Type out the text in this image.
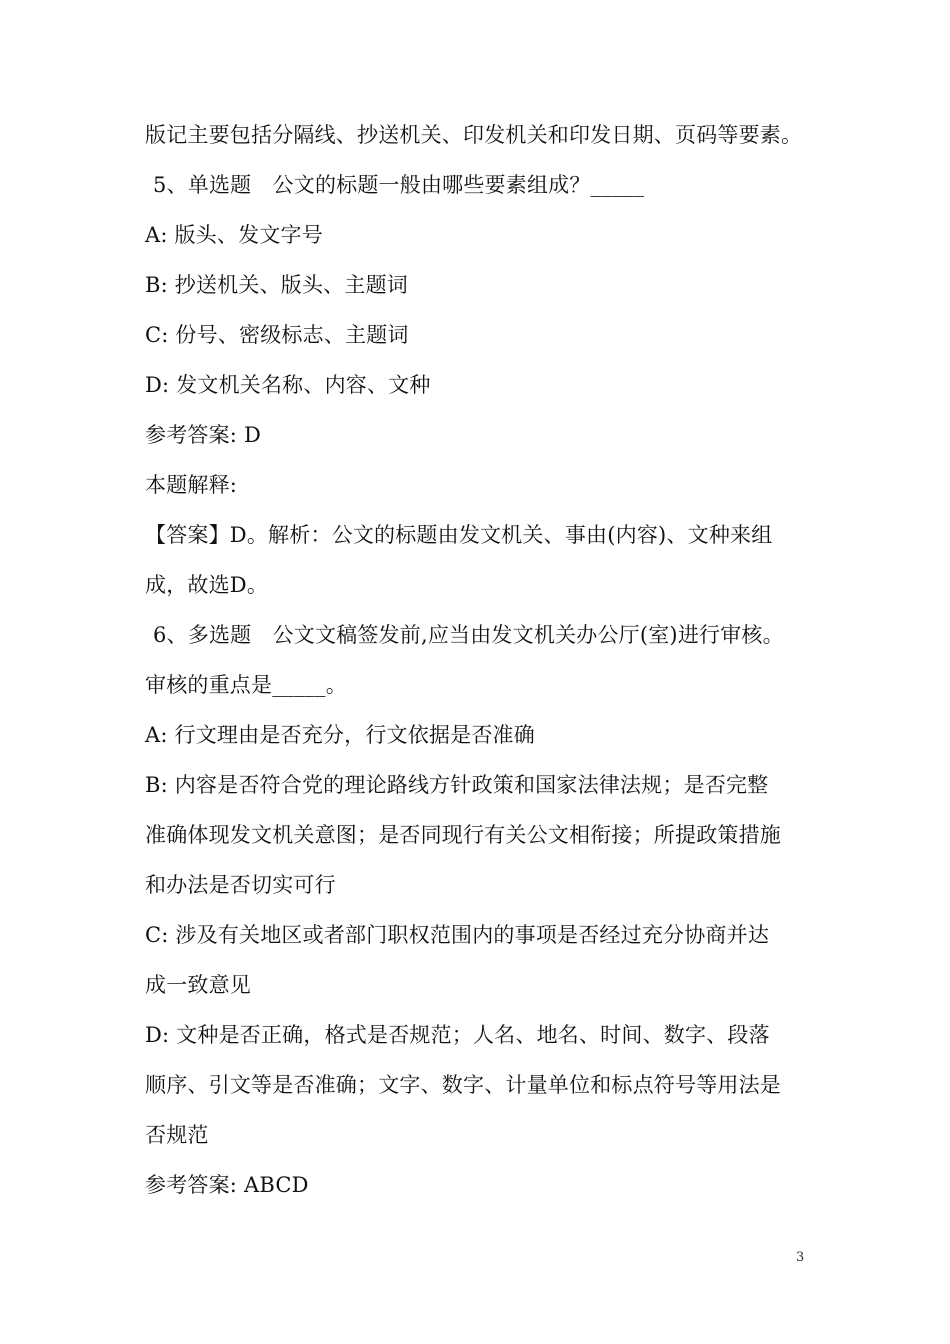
版记主要包括分隔线、抄送机关、印发机关和印发日期、页码等要素。
5、单选题　公文的标题一般由哪些要素组成？_____
A: 版头、发文字号
B: 抄送机关、版头、主题词
C: 份号、密级标志、主题词
D: 发文机关名称、内容、文种
参考答案: D
本题解释:
【答案】D。解析：公文的标题由发文机关、事由(内容)、文种来组
成，故选D。
6、多选题　公文文稿签发前,应当由发文机关办公厅(室)进行审核。
审核的重点是_____。
A: 行文理由是否充分，行文依据是否准确
B: 内容是否符合党的理论路线方针政策和国家法律法规；是否完整
准确体现发文机关意图；是否同现行有关公文相衔接；所提政策措施
和办法是否切实可行
C: 涉及有关地区或者部门职权范围内的事项是否经过充分协商并达
成一致意见
D: 文种是否正确，格式是否规范；人名、地名、时间、数字、段落
顺序、引文等是否准确；文字、数字、计量单位和标点符号等用法是
否规范
参考答案: ABCD
3
